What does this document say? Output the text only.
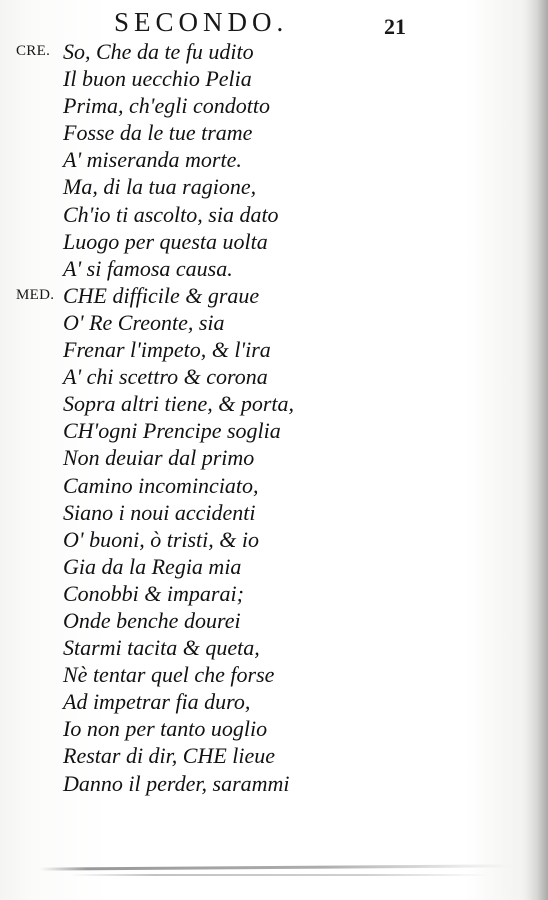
SECONDO.	21
CRE. So, Che da te fu udito
Il buon uecchio Pelia
Prima, ch'egli condotto
Fosse da le tue trame
A' miseranda morte.
Ma, di la tua ragione,
Ch'io ti ascolto, sia dato
Luogo per questa uolta
A' si famosa causa.
MED. CHE difficile & graue
O' Re Creonte, sia
Frenar l'impeto, & l'ira
A' chi scettro & corona
Sopra altri tiene, & porta,
CH'ogni Prencipe soglia
Non deuiar dal primo
Camino incominciato,
Siano i noui accidenti
O' buoni, ò tristi, & io
Gia da la Regia mia
Conobbi & imparai;
Onde benche dourei
Starmi tacita & queta,
Nè tentar quel che forse
Ad impetrar fia duro,
Io non per tanto uoglio
Restar di dir, CHE lieue
Danno il perder, sarammi
